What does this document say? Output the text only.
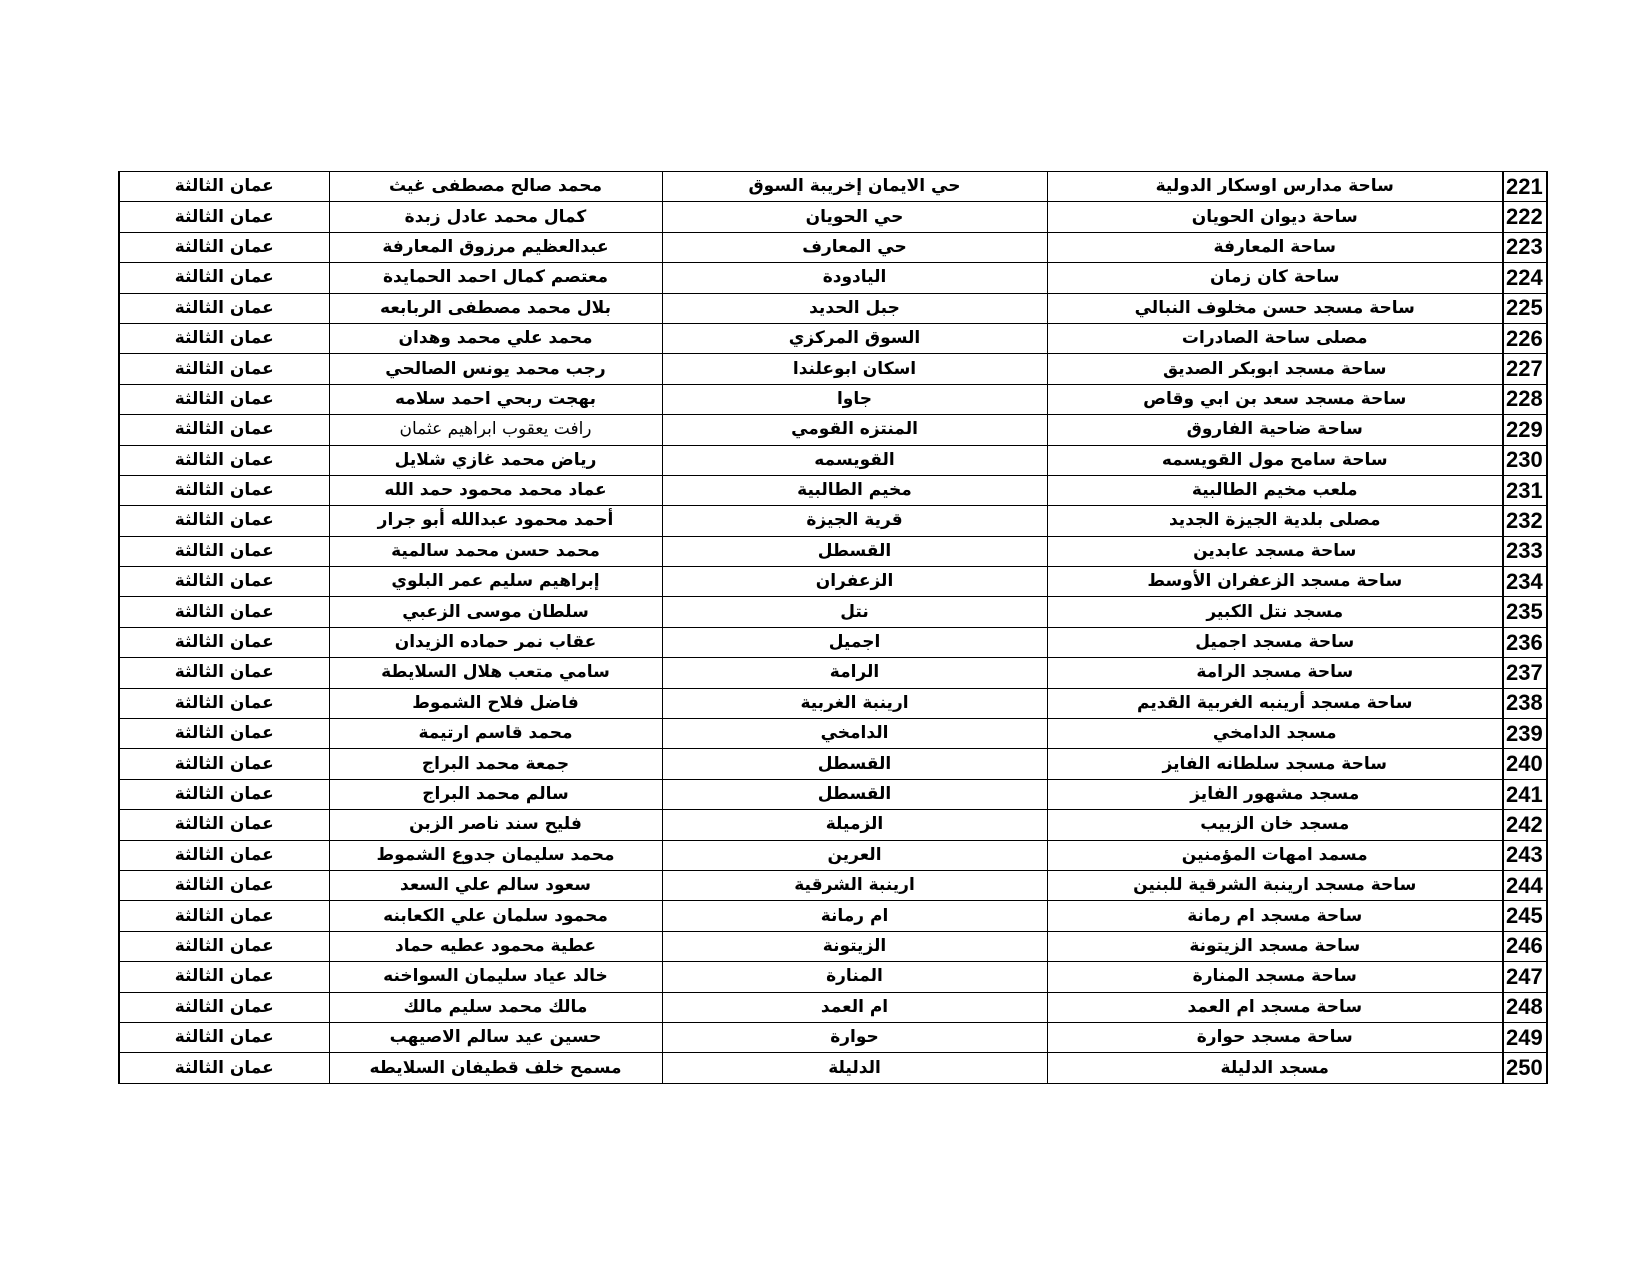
عمان الثالثة	محمد صالح مصطفى غيث	حي الايمان إخريبة السوق	ساحة مدارس اوسكار الدولية	221
عمان الثالثة	كمال محمد عادل زبدة	حي الحويان	ساحة ديوان الحويان	222
عمان الثالثة	عبدالعظيم مرزوق المعارفة	حي المعارف	ساحة المعارفة	223
عمان الثالثة	معتصم كمال احمد الحمايدة	اليادودة	ساحة كان زمان	224
عمان الثالثة	بلال محمد مصطفى الربابعه	جبل الحديد	ساحة مسجد حسن مخلوف النبالي	225
عمان الثالثة	محمد علي محمد وهدان	السوق المركزي	مصلى ساحة الصادرات	226
عمان الثالثة	رجب محمد يونس الصالحي	اسكان ابوعلندا	ساحة مسجد ابوبكر الصديق	227
عمان الثالثة	بهجت ربحي احمد سلامه	جاوا	ساحة مسجد سعد بن ابي وقاص	228
عمان الثالثة	رافت يعقوب ابراهيم عثمان	المنتزه القومي	ساحة ضاحية الفاروق	229
عمان الثالثة	رياض محمد غازي شلايل	القويسمه	ساحة سامح مول القويسمه	230
عمان الثالثة	عماد محمد محمود حمد الله	مخيم الطالبية	ملعب مخيم الطالبية	231
عمان الثالثة	أحمد محمود عبدالله أبو جرار	قرية الجيزة	مصلى بلدية الجيزة الجديد	232
عمان الثالثة	محمد حسن محمد سالمية	القسطل	ساحة مسجد عابدين	233
عمان الثالثة	إبراهيم سليم عمر البلوي	الزعفران	ساحة مسجد الزعفران الأوسط	234
عمان الثالثة	سلطان موسى الزعبي	نتل	مسجد نتل الكبير	235
عمان الثالثة	عقاب نمر حماده الزيدان	اجميل	ساحة مسجد اجميل	236
عمان الثالثة	سامي متعب هلال السلايطة	الرامة	ساحة مسجد الرامة	237
عمان الثالثة	فاضل فلاح الشموط	ارينبة الغربية	ساحة مسجد أرينبه الغربية القديم	238
عمان الثالثة	محمد قاسم ارتيمة	الدامخي	مسجد الدامخي	239
عمان الثالثة	جمعة محمد البراج	القسطل	ساحة مسجد سلطانه الفايز	240
عمان الثالثة	سالم محمد البراج	القسطل	مسجد مشهور الفايز	241
عمان الثالثة	فليح سند ناصر الزبن	الزميلة	مسجد خان الزبيب	242
عمان الثالثة	محمد سليمان جدوع الشموط	العرين	مسمد امهات المؤمنين	243
عمان الثالثة	سعود سالم علي السعد	ارينبة الشرقية	ساحة مسجد ارينبة الشرقية للبنين	244
عمان الثالثة	محمود سلمان علي الكعابنه	ام رمانة	ساحة مسجد ام رمانة	245
عمان الثالثة	عطية محمود عطيه حماد	الزيتونة	ساحة مسجد الزيتونة	246
عمان الثالثة	خالد عياد سليمان السواخنه	المنارة	ساحة مسجد المنارة	247
عمان الثالثة	مالك محمد سليم مالك	ام العمد	ساحة مسجد ام العمد	248
عمان الثالثة	حسين عيد سالم الاصيهب	حوارة	ساحة مسجد حوارة	249
عمان الثالثة	مسمح خلف قطيفان السلايطه	الدليلة	مسجد الدليلة	250
